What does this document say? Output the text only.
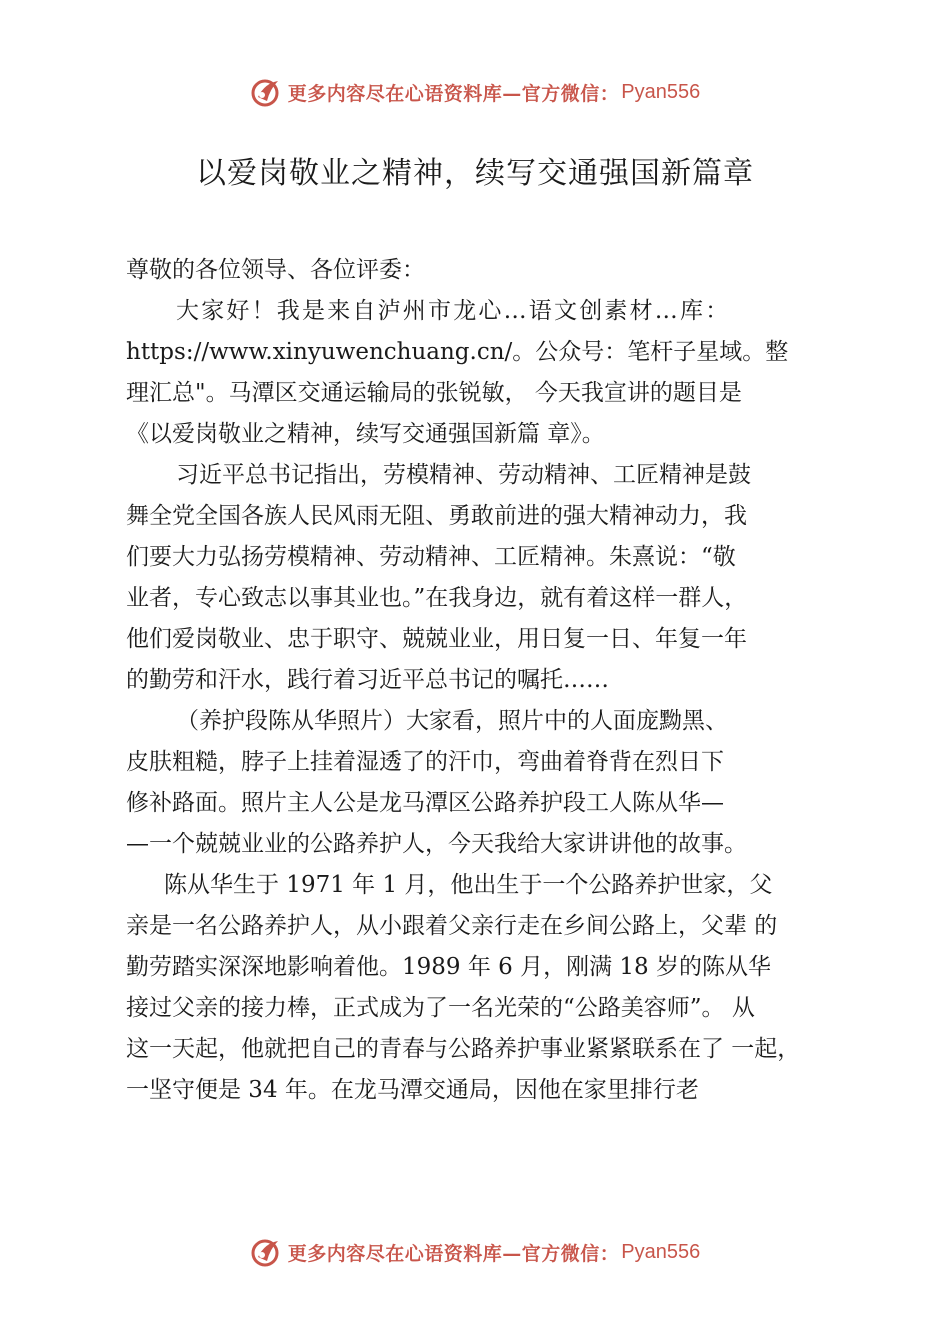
更多内容尽在心语资料库—官方微信： Pyan556
以爱岗敬业之精神，续写交通强国新篇章

尊敬的各位领导、各位评委：

大家好！我是来自泸州市龙心…语文创素材…库：

https://www.xinyuwenchuang.cn/。公众号：笔杆子星域。整

理汇总"。马潭区交通运输局的张锐敏， 今天我宣讲的题目是

《以爱岗敬业之精神，续写交通强国新篇 章》。

习近平总书记指出，劳模精神、劳动精神、工匠精神是鼓

舞全党全国各族人民风雨无阻、勇敢前进的强大精神动力，我

们要大力弘扬劳模精神、劳动精神、工匠精神。朱熹说：“敬

业者，专心致志以事其业也。”在我身边，就有着这样一群人，

他们爱岗敬业、忠于职守、兢兢业业，用日复一日、年复一年

的勤劳和汗水，践行着习近平总书记的嘱托……

（养护段陈从华照片）大家看，照片中的人面庞黝黑、

皮肤粗糙，脖子上挂着湿透了的汗巾，弯曲着脊背在烈日下

修补路面。照片主人公是龙马潭区公路养护段工人陈从华—

—一个兢兢业业的公路养护人，今天我给大家讲讲他的故事。

陈从华生于 1971 年 1 月，他出生于一个公路养护世家，父

亲是一名公路养护人，从小跟着父亲行走在乡间公路上，父辈 的

勤劳踏实深深地影响着他。1989 年 6 月，刚满 18 岁的陈从华

接过父亲的接力棒，正式成为了一名光荣的“公路美容师”。 从

这一天起，他就把自己的青春与公路养护事业紧紧联系在了 一起，

一坚守便是 34 年。在龙马潭交通局，因他在家里排行老

更多内容尽在心语资料库—官方微信： Pyan556
